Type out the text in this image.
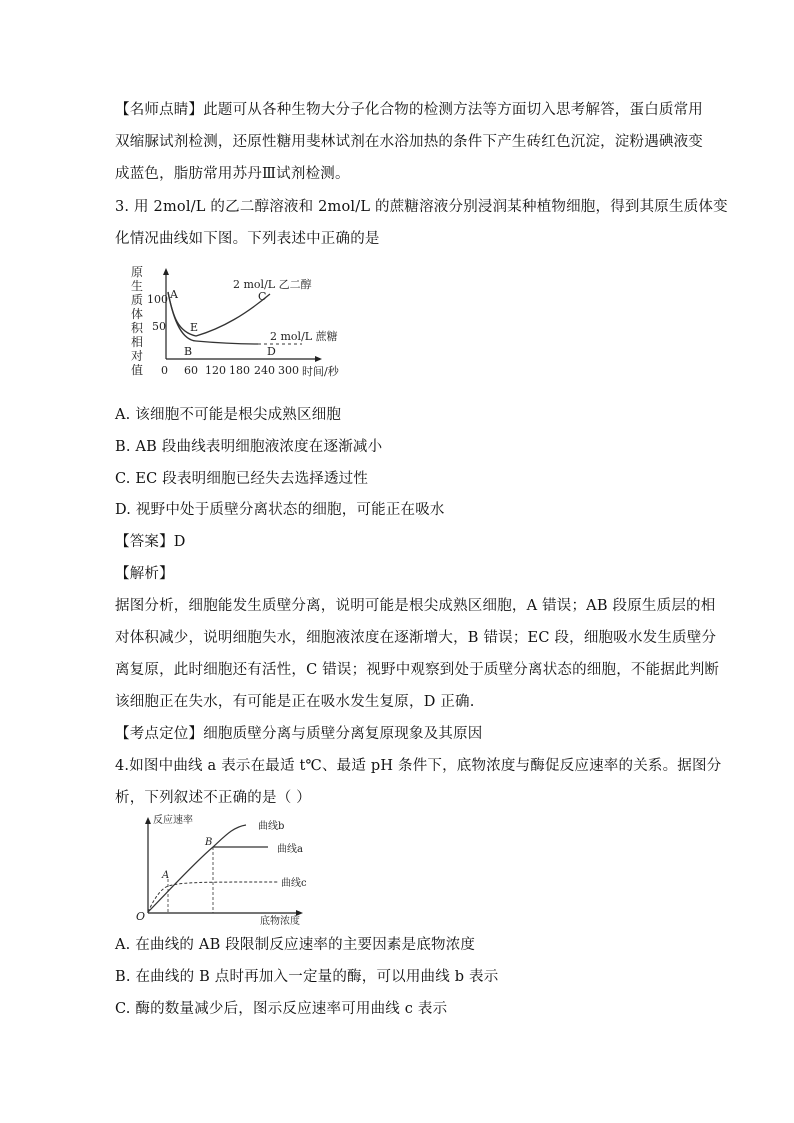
【名师点睛】此题可从各种生物大分子化合物的检测方法等方面切入思考解答，蛋白质常用
双缩脲试剂检测，还原性糖用斐林试剂在水浴加热的条件下产生砖红色沉淀，淀粉遇碘液变
成蓝色，脂肪常用苏丹Ⅲ试剂检测。
3. 用 2mol/L 的乙二醇溶液和 2mol/L 的蔗糖溶液分别浸润某种植物细胞，得到其原生质体变
化情况曲线如下图。下列表述中正确的是
原
生
质
体
积
相
对
值
100
50
0 60 120 180 240 300 时间/秒
A
E
B
C
D
2 mol/L 乙二醇
2 mol/L 蔗糖
A. 该细胞不可能是根尖成熟区细胞
B. AB 段曲线表明细胞液浓度在逐渐减小
C. EC 段表明细胞已经失去选择透过性
D. 视野中处于质壁分离状态的细胞，可能正在吸水
【答案】D
【解析】
据图分析，细胞能发生质壁分离，说明可能是根尖成熟区细胞，A 错误；AB 段原生质层的相
对体积减少，说明细胞失水，细胞液浓度在逐渐增大，B 错误；EC 段，细胞吸水发生质壁分
离复原，此时细胞还有活性，C 错误；视野中观察到处于质壁分离状态的细胞，不能据此判断
该细胞正在失水，有可能是正在吸水发生复原，D 正确.
【考点定位】细胞质壁分离与质壁分离复原现象及其原因
4.如图中曲线 a 表示在最适 t℃、最适 pH 条件下，底物浓度与酶促反应速率的关系。据图分
析，下列叙述不正确的是（ ）
反应速率
底物浓度
O
A
B
曲线b
曲线a
曲线c
A. 在曲线的 AB 段限制反应速率的主要因素是底物浓度
B. 在曲线的 B 点时再加入一定量的酶，可以用曲线 b 表示
C. 酶的数量减少后，图示反应速率可用曲线 c 表示
